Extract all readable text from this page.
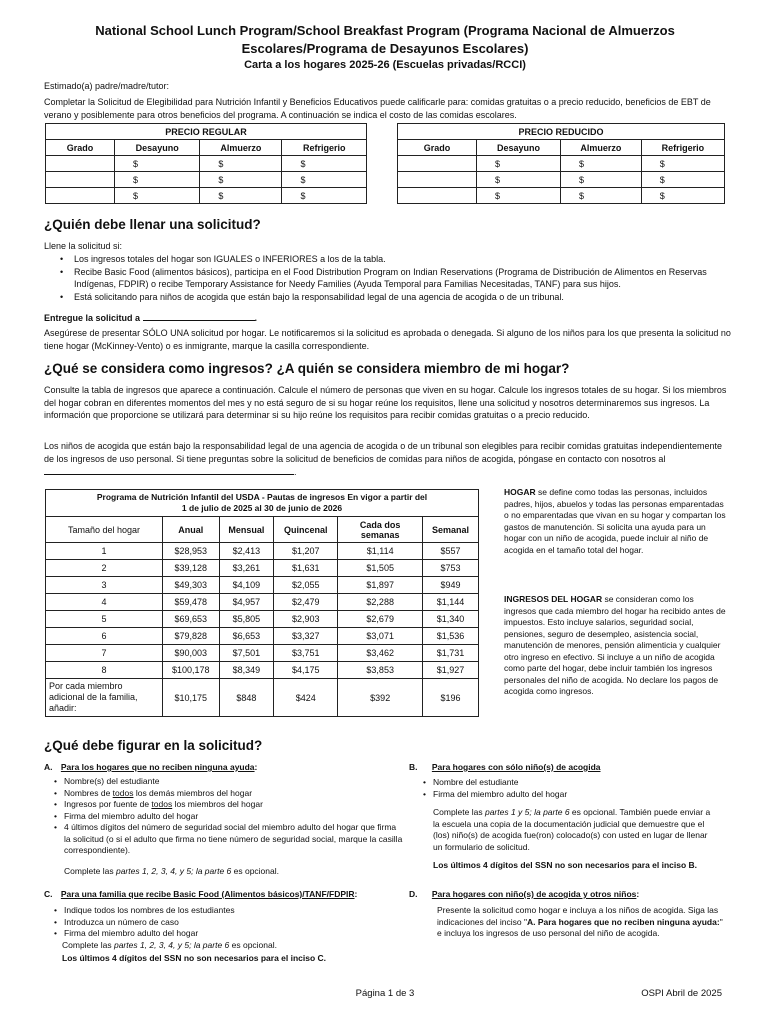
National School Lunch Program/School Breakfast Program (Programa Nacional de Almuerzos Escolares/Programa de Desayunos Escolares)
Carta a los hogares 2025-26 (Escuelas privadas/RCCI)
Estimado(a) padre/madre/tutor:
Completar la Solicitud de Elegibilidad para Nutrición Infantil y Beneficios Educativos puede calificarle para: comidas gratuitas o a precio reducido, beneficios de EBT de verano y posiblemente para otros beneficios del programa. A continuación se indica el costo de las comidas escolares.
PRECIO REGULAR			
Grado	Desayuno	Almuerzo	Refrigerio
	$	$	$
	$	$	$
	$	$	$
PRECIO REDUCIDO			
Grado	Desayuno	Almuerzo	Refrigerio
	$	$	$
	$	$	$
	$	$	$
¿Quién debe llenar una solicitud?
Llene la solicitud si:
• Los ingresos totales del hogar son IGUALES o INFERIORES a los de la tabla.
• Recibe Basic Food (alimentos básicos), participa en el Food Distribution Program on Indian Reservations (Programa de Distribución de Alimentos en Reservas Indígenas, FDPIR) o recibe Temporary Assistance for Needy Families (Ayuda Temporal para Familias Necesitadas, TANF) para sus hijos.
• Está solicitando para niños de acogida que están bajo la responsabilidad legal de una agencia de acogida o de un tribunal.
Entregue la solicitud a	.
Asegúrese de presentar SÓLO UNA solicitud por hogar. Le notificaremos si la solicitud es aprobada o denegada. Si alguno de los niños para los que presenta la solicitud no tiene hogar (McKinney-Vento) o es inmigrante, marque la casilla correspondiente.
¿Qué se considera como ingresos? ¿A quién se considera miembro de mi hogar?
Consulte la tabla de ingresos que aparece a continuación. Calcule el número de personas que viven en su hogar. Calcule los ingresos totales de su hogar. Si los miembros del hogar cobran en diferentes momentos del mes y no está seguro de si su hogar reúne los requisitos, llene una solicitud y nosotros determinaremos sus ingresos. La información que proporcione se utilizará para determinar si su hijo reúne los requisitos para recibir comidas gratuitas o a precio reducido.
Los niños de acogida que están bajo la responsabilidad legal de una agencia de acogida o de un tribunal son elegibles para recibir comidas gratuitas independientemente de los ingresos de uso personal. Si tiene preguntas sobre la solicitud de beneficios de comidas para niños de acogida, póngase en contacto con nosotros al .
Programa de Nutrición Infantil del USDA - Pautas de ingresos En vigor a partir del 1 de julio de 2025 al 30 de junio de 2026					
Tamaño del hogar	Anual	Mensual	Quincenal	Cada dos semanas	Semanal
1	$28,953	$2,413	$1,207	$1,114	$557
2	$39,128	$3,261	$1,631	$1,505	$753
3	$49,303	$4,109	$2,055	$1,897	$949
4	$59,478	$4,957	$2,479	$2,288	$1,144
5	$69,653	$5,805	$2,903	$2,679	$1,340
6	$79,828	$6,653	$3,327	$3,071	$1,536
7	$90,003	$7,501	$3,751	$3,462	$1,731
8	$100,178	$8,349	$4,175	$3,853	$1,927
Por cada miembro adicional de la familia, añadir:	$10,175	$848	$424	$392	$196
HOGAR se define como todas las personas, incluidos padres, hijos, abuelos y todas las personas emparentadas o no emparentadas que vivan en su hogar y compartan los gastos de manutención. Si solicita una ayuda para un hogar con un niño de acogida, puede incluir al niño de acogida en el tamaño total del hogar.
INGRESOS DEL HOGAR se consideran como los ingresos que cada miembro del hogar ha recibido antes de impuestos. Esto incluye salarios, seguridad social, pensiones, seguro de desempleo, asistencia social, manutención de menores, pensión alimenticia y cualquier otro ingreso en efectivo. Si incluye a un niño de acogida como parte del hogar, debe incluir también los ingresos personales del niño de acogida. No declare los pagos de acogida como ingresos.
¿Qué debe figurar en la solicitud?
A. Para los hogares que no reciben ninguna ayuda:
• Nombre(s) del estudiante
• Nombres de todos los demás miembros del hogar
• Ingresos por fuente de todos los miembros del hogar
• Firma del miembro adulto del hogar
• 4 últimos dígitos del número de seguridad social del miembro adulto del hogar que firma la solicitud (o si el adulto que firma no tiene número de seguridad social, marque la casilla correspondiente).
Complete las partes 1, 2, 3, 4, y 5; la parte 6 es opcional.
B. Para hogares con sólo niño(s) de acogida
• Nombre del estudiante
• Firma del miembro adulto del hogar
Complete las partes 1 y 5; la parte 6 es opcional. También puede enviar a la escuela una copia de la documentación judicial que demuestre que el (los) niño(s) de acogida fue(ron) colocado(s) con usted en lugar de llenar un formulario de solicitud.
Los últimos 4 dígitos del SSN no son necesarios para el inciso B.
C. Para una familia que recibe Basic Food (Alimentos básicos)/TANF/FDPIR:
• Indique todos los nombres de los estudiantes
• Introduzca un número de caso
• Firma del miembro adulto del hogar
Complete las partes 1, 2, 3, 4, y 5; la parte 6 es opcional.
Los últimos 4 dígitos del SSN no son necesarios para el inciso C.
D. Para hogares con niño(s) de acogida y otros niños:
Presente la solicitud como hogar e incluya a los niños de acogida. Siga las indicaciones del inciso "A. Para hogares que no reciben ninguna ayuda:" e incluya los ingresos de uso personal del niño de acogida.
Página 1 de 3	OSPI Abril de 2025
